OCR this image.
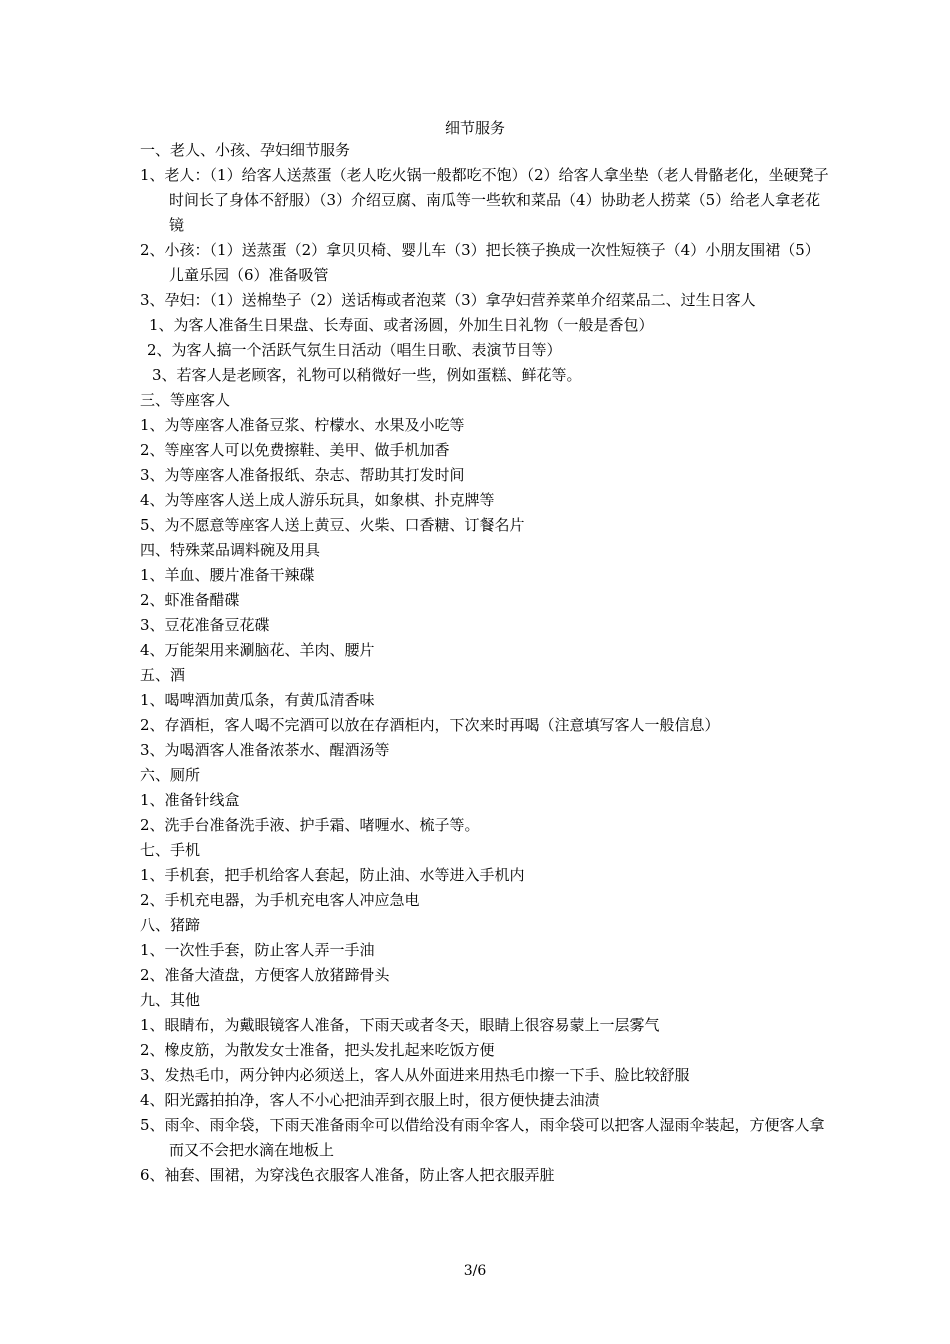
细节服务
一、老人、小孩、孕妇细节服务
1、老人：（1）给客人送蒸蛋（老人吃火锅一般都吃不饱）（2）给客人拿坐垫（老人骨骼老化，坐硬凳子时间长了身体不舒服）（3）介绍豆腐、南瓜等一些软和菜品（4）协助老人捞菜（5）给老人拿老花镜
2、小孩：（1）送蒸蛋（2）拿贝贝椅、婴儿车（3）把长筷子换成一次性短筷子（4）小朋友围裙（5）儿童乐园（6）准备吸管
3、孕妇：（1）送棉垫子（2）送话梅或者泡菜（3）拿孕妇营养菜单介绍菜品二、过生日客人
1、为客人准备生日果盘、长寿面、或者汤圆，外加生日礼物（一般是香包）
2、为客人搞一个活跃气氛生日活动（唱生日歌、表演节目等）
3、若客人是老顾客，礼物可以稍微好一些，例如蛋糕、鲜花等。
三、等座客人
1、为等座客人准备豆浆、柠檬水、水果及小吃等
2、等座客人可以免费擦鞋、美甲、做手机加香
3、为等座客人准备报纸、杂志、帮助其打发时间
4、为等座客人送上成人游乐玩具，如象棋、扑克牌等
5、为不愿意等座客人送上黄豆、火柴、口香糖、订餐名片
四、特殊菜品调料碗及用具
1、羊血、腰片准备干辣碟
2、虾准备醋碟
3、豆花准备豆花碟
4、万能架用来涮脑花、羊肉、腰片
五、酒
1、喝啤酒加黄瓜条，有黄瓜清香味
2、存酒柜，客人喝不完酒可以放在存酒柜内，下次来时再喝（注意填写客人一般信息）
3、为喝酒客人准备浓茶水、醒酒汤等
六、厕所
1、准备针线盒
2、洗手台准备洗手液、护手霜、啫喱水、梳子等。
七、手机
1、手机套，把手机给客人套起，防止油、水等进入手机内
2、手机充电器，为手机充电客人冲应急电
八、猪蹄
1、一次性手套，防止客人弄一手油
2、准备大渣盘，方便客人放猪蹄骨头
九、其他
1、眼睛布，为戴眼镜客人准备，下雨天或者冬天，眼睛上很容易蒙上一层雾气
2、橡皮筋，为散发女士准备，把头发扎起来吃饭方便
3、发热毛巾，两分钟内必须送上，客人从外面进来用热毛巾擦一下手、脸比较舒服
4、阳光露拍拍净，客人不小心把油弄到衣服上时，很方便快捷去油渍
5、雨伞、雨伞袋，下雨天准备雨伞可以借给没有雨伞客人，雨伞袋可以把客人湿雨伞装起，方便客人拿而又不会把水滴在地板上
6、袖套、围裙，为穿浅色衣服客人准备，防止客人把衣服弄脏
3/6
